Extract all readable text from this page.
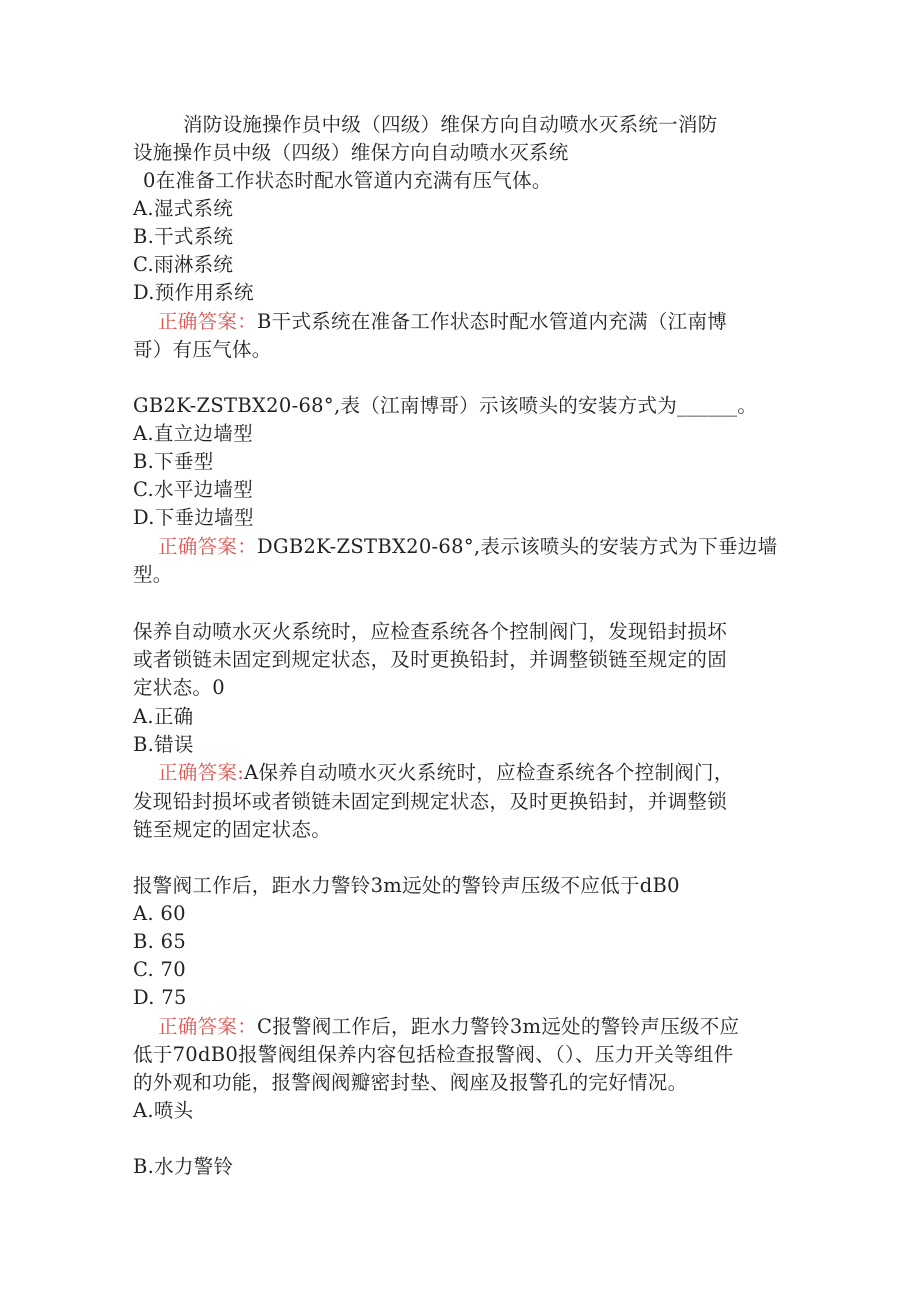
消防设施操作员中级（四级）维保方向自动喷水灭系统一消防
设施操作员中级（四级）维保方向自动喷水灭系统
0在准备工作状态时配水管道内充满有压气体。
A.湿式系统
B.干式系统
C.雨淋系统
D.预作用系统
正确答案：B干式系统在准备工作状态时配水管道内充满（江南博
哥）有压气体。
GB2K-ZSTBX20-68°,表（江南博哥）示该喷头的安装方式为______。
A.直立边墙型
B.下垂型
C.水平边墙型
D.下垂边墙型
正确答案：DGB2K-ZSTBX20-68°,表示该喷头的安装方式为下垂边墙
型。
保养自动喷水灭火系统时，应检查系统各个控制阀门，发现铅封损坏
或者锁链未固定到规定状态，及时更换铅封，并调整锁链至规定的固
定状态。0
A.正确
B.错误
正确答案:A保养自动喷水灭火系统时，应检查系统各个控制阀门，
发现铅封损坏或者锁链未固定到规定状态，及时更换铅封，并调整锁
链至规定的固定状态。
报警阀工作后，距水力警铃3m远处的警铃声压级不应低于dB0
A. 60
B. 65
C. 70
D. 75
正确答案：C报警阀工作后，距水力警铃3m远处的警铃声压级不应
低于70dB0报警阀组保养内容包括检查报警阀、（）、压力开关等组件
的外观和功能，报警阀阀瓣密封垫、阀座及报警孔的完好情况。
A.喷头
B.水力警铃
